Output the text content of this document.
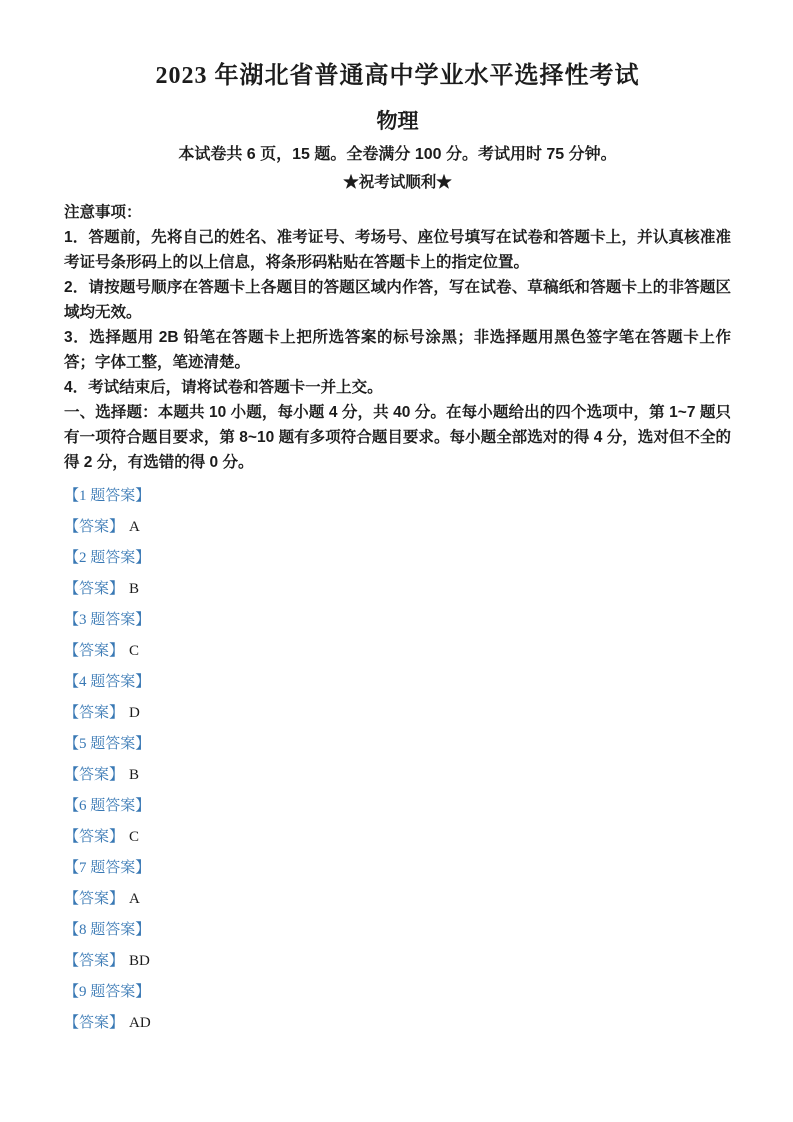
2023 年湖北省普通高中学业水平选择性考试
物理

本试卷共 6 页，15 题。全卷满分 100 分。考试用时 75 分钟。

★祝考试顺利★

注意事项：

1．答题前，先将自己的姓名、准考证号、考场号、座位号填写在试卷和答题卡上，并认真核准准考证号条形码上的以上信息，将条形码粘贴在答题卡上的指定位置。

2．请按题号顺序在答题卡上各题目的答题区域内作答，写在试卷、草稿纸和答题卡上的非答题区域均无效。

3．选择题用 2B 铅笔在答题卡上把所选答案的标号涂黑；非选择题用黑色签字笔在答题卡上作答；字体工整，笔迹清楚。

4．考试结束后，请将试卷和答题卡一并上交。

一、选择题：本题共 10 小题，每小题 4 分，共 40 分。在每小题给出的四个选项中，第 1~7 题只有一项符合题目要求，第 8~10 题有多项符合题目要求。每小题全部选对的得 4 分，选对但不全的得 2 分，有选错的得 0 分。

【1 题答案】

【答案】 A

【2 题答案】

【答案】 B

【3 题答案】

【答案】 C

【4 题答案】

【答案】 D

【5 题答案】

【答案】 B

【6 题答案】

【答案】 C

【7 题答案】

【答案】 A

【8 题答案】

【答案】 BD

【9 题答案】

【答案】 AD
